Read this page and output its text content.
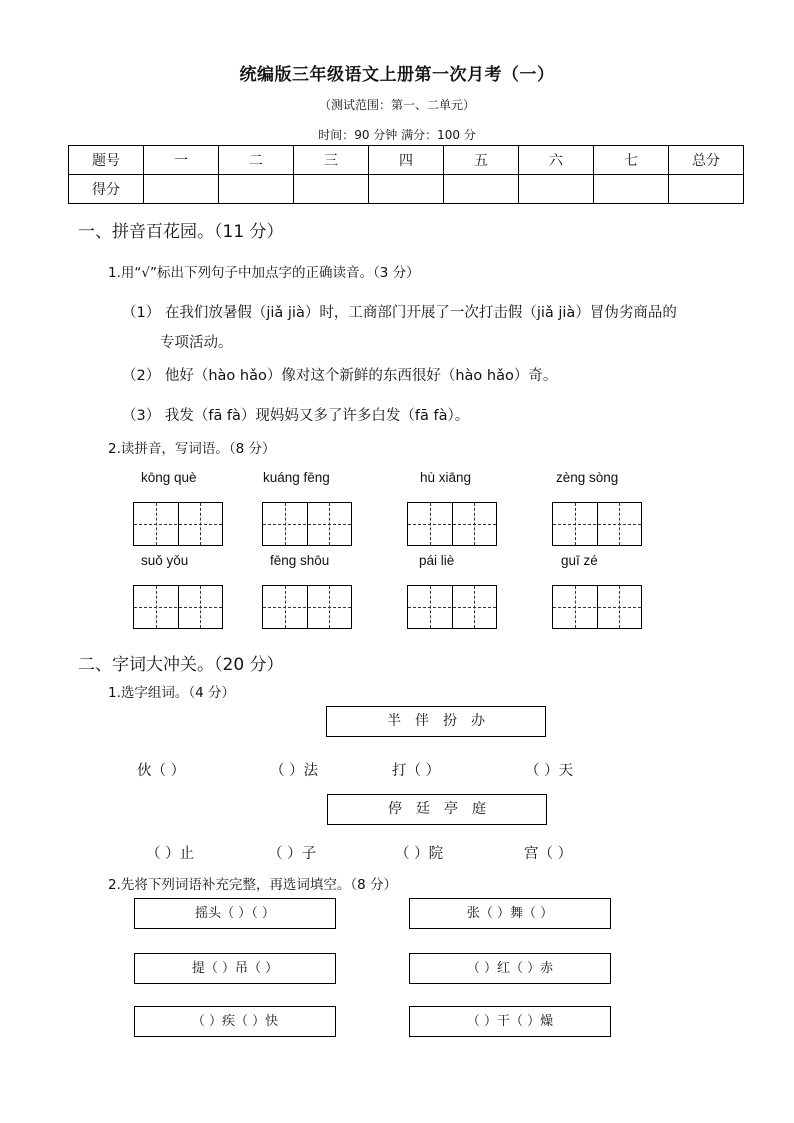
统编版三年级语文上册第一次月考（一）
（测试范围：第一、二单元）
时间：90 分钟 满分：100 分
题号	一	二	三	四	五	六	七	总分
得分								
一、拼音百花园。（11 分）
1.用“√”标出下列句子中加点字的正确读音。（3 分）
（1） 在我们放暑假（jiǎ jià）时，工商部门开展了一次打击假（jiǎ jià）冒伪劣商品的
专项活动。
（2） 他好（hào hǎo）像对这个新鲜的东西很好（hào hǎo）奇。
（3） 我发（fā fà）现妈妈又多了许多白发（fā fà）。
2.读拼音，写词语。（8 分）
kōng què	kuáng fēng	hù xiāng	zèng sòng
suǒ yǒu	fēng shōu	pái liè	guī zé
二、字词大冲关。（20 分）
1.选字组词。（4 分）
半伴扮办
伙（ ）	（ ）法	打（ ）	（ ）天
停廷亭庭
（ ）止	（ ）子	（ ）院	宫（ ）
2.先将下列词语补充完整，再选词填空。（8 分）
摇头（ ）（ ）	张（ ）舞（ ）
提（ ）吊（ ）	（ ）红（ ）赤
（ ）疾（ ）快	（ ）干（ ）燥
